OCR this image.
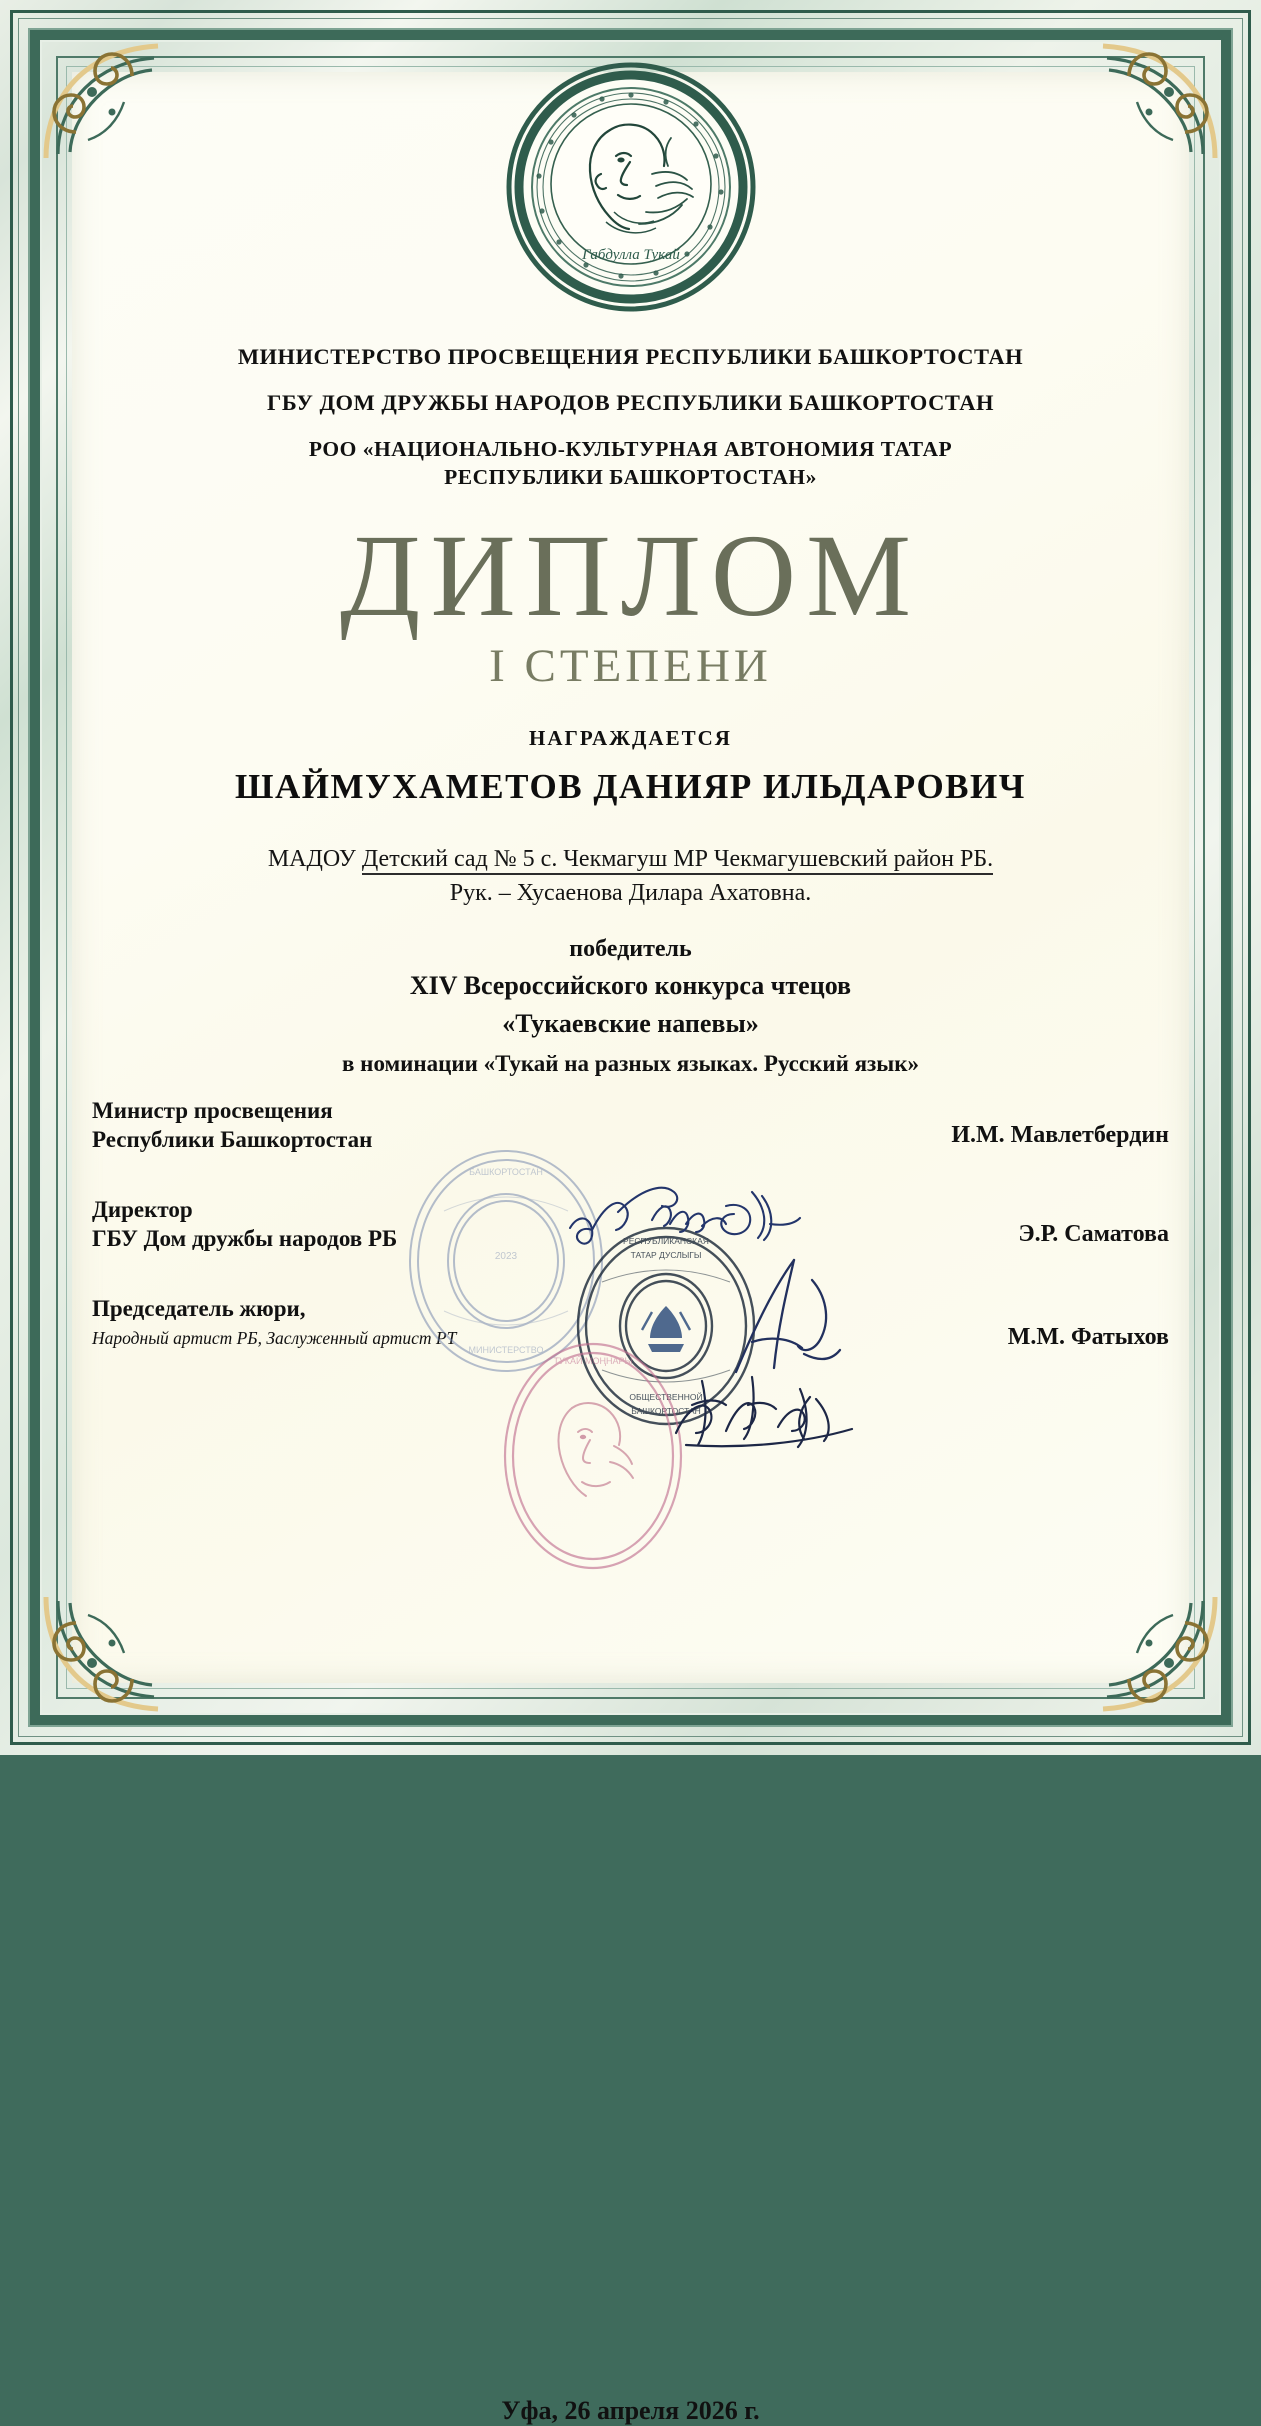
Габдулла Тукай
МИНИСТЕРСТВО ПРОСВЕЩЕНИЯ РЕСПУБЛИКИ БАШКОРТОСТАН
ГБУ ДОМ ДРУЖБЫ НАРОДОВ РЕСПУБЛИКИ БАШКОРТОСТАН
РОО «НАЦИОНАЛЬНО-КУЛЬТУРНАЯ АВТОНОМИЯ ТАТАР
РЕСПУБЛИКИ БАШКОРТОСТАН»
ДИПЛОМ
I СТЕПЕНИ
НАГРАЖДАЕТСЯ
ШАЙМУХАМЕТОВ ДАНИЯР ИЛЬДАРОВИЧ
МАДОУ Детский сад № 5 с. Чекмагуш МР Чекмагушевский район РБ.
Рук. – Хусаенова Дилара Ахатовна.
победитель
XIV Всероссийского конкурса чтецов
«Тукаевские напевы»
в номинации «Тукай на разных языках. Русский язык»
Министр просвещения
Республики Башкортостан	И.М. Мавлетбердин
Директор
ГБУ Дом дружбы народов РБ	Э.Р. Саматова
Председатель жюри,
Народный артист РБ, Заслуженный артист РТ	М.М. Фатыхов
Уфа, 26 апреля 2026 г.
БАШКОРТОСТАН
МИНИСТЕРСТВО
2023
РЕСПУБЛИКАНСКАЯ
ТАТАР ДУСЛЫГЫ
БАШКОРТОСТАН
ОБЩЕСТВЕННОЙ
ТУКАЙ МОҢНАРЫ
